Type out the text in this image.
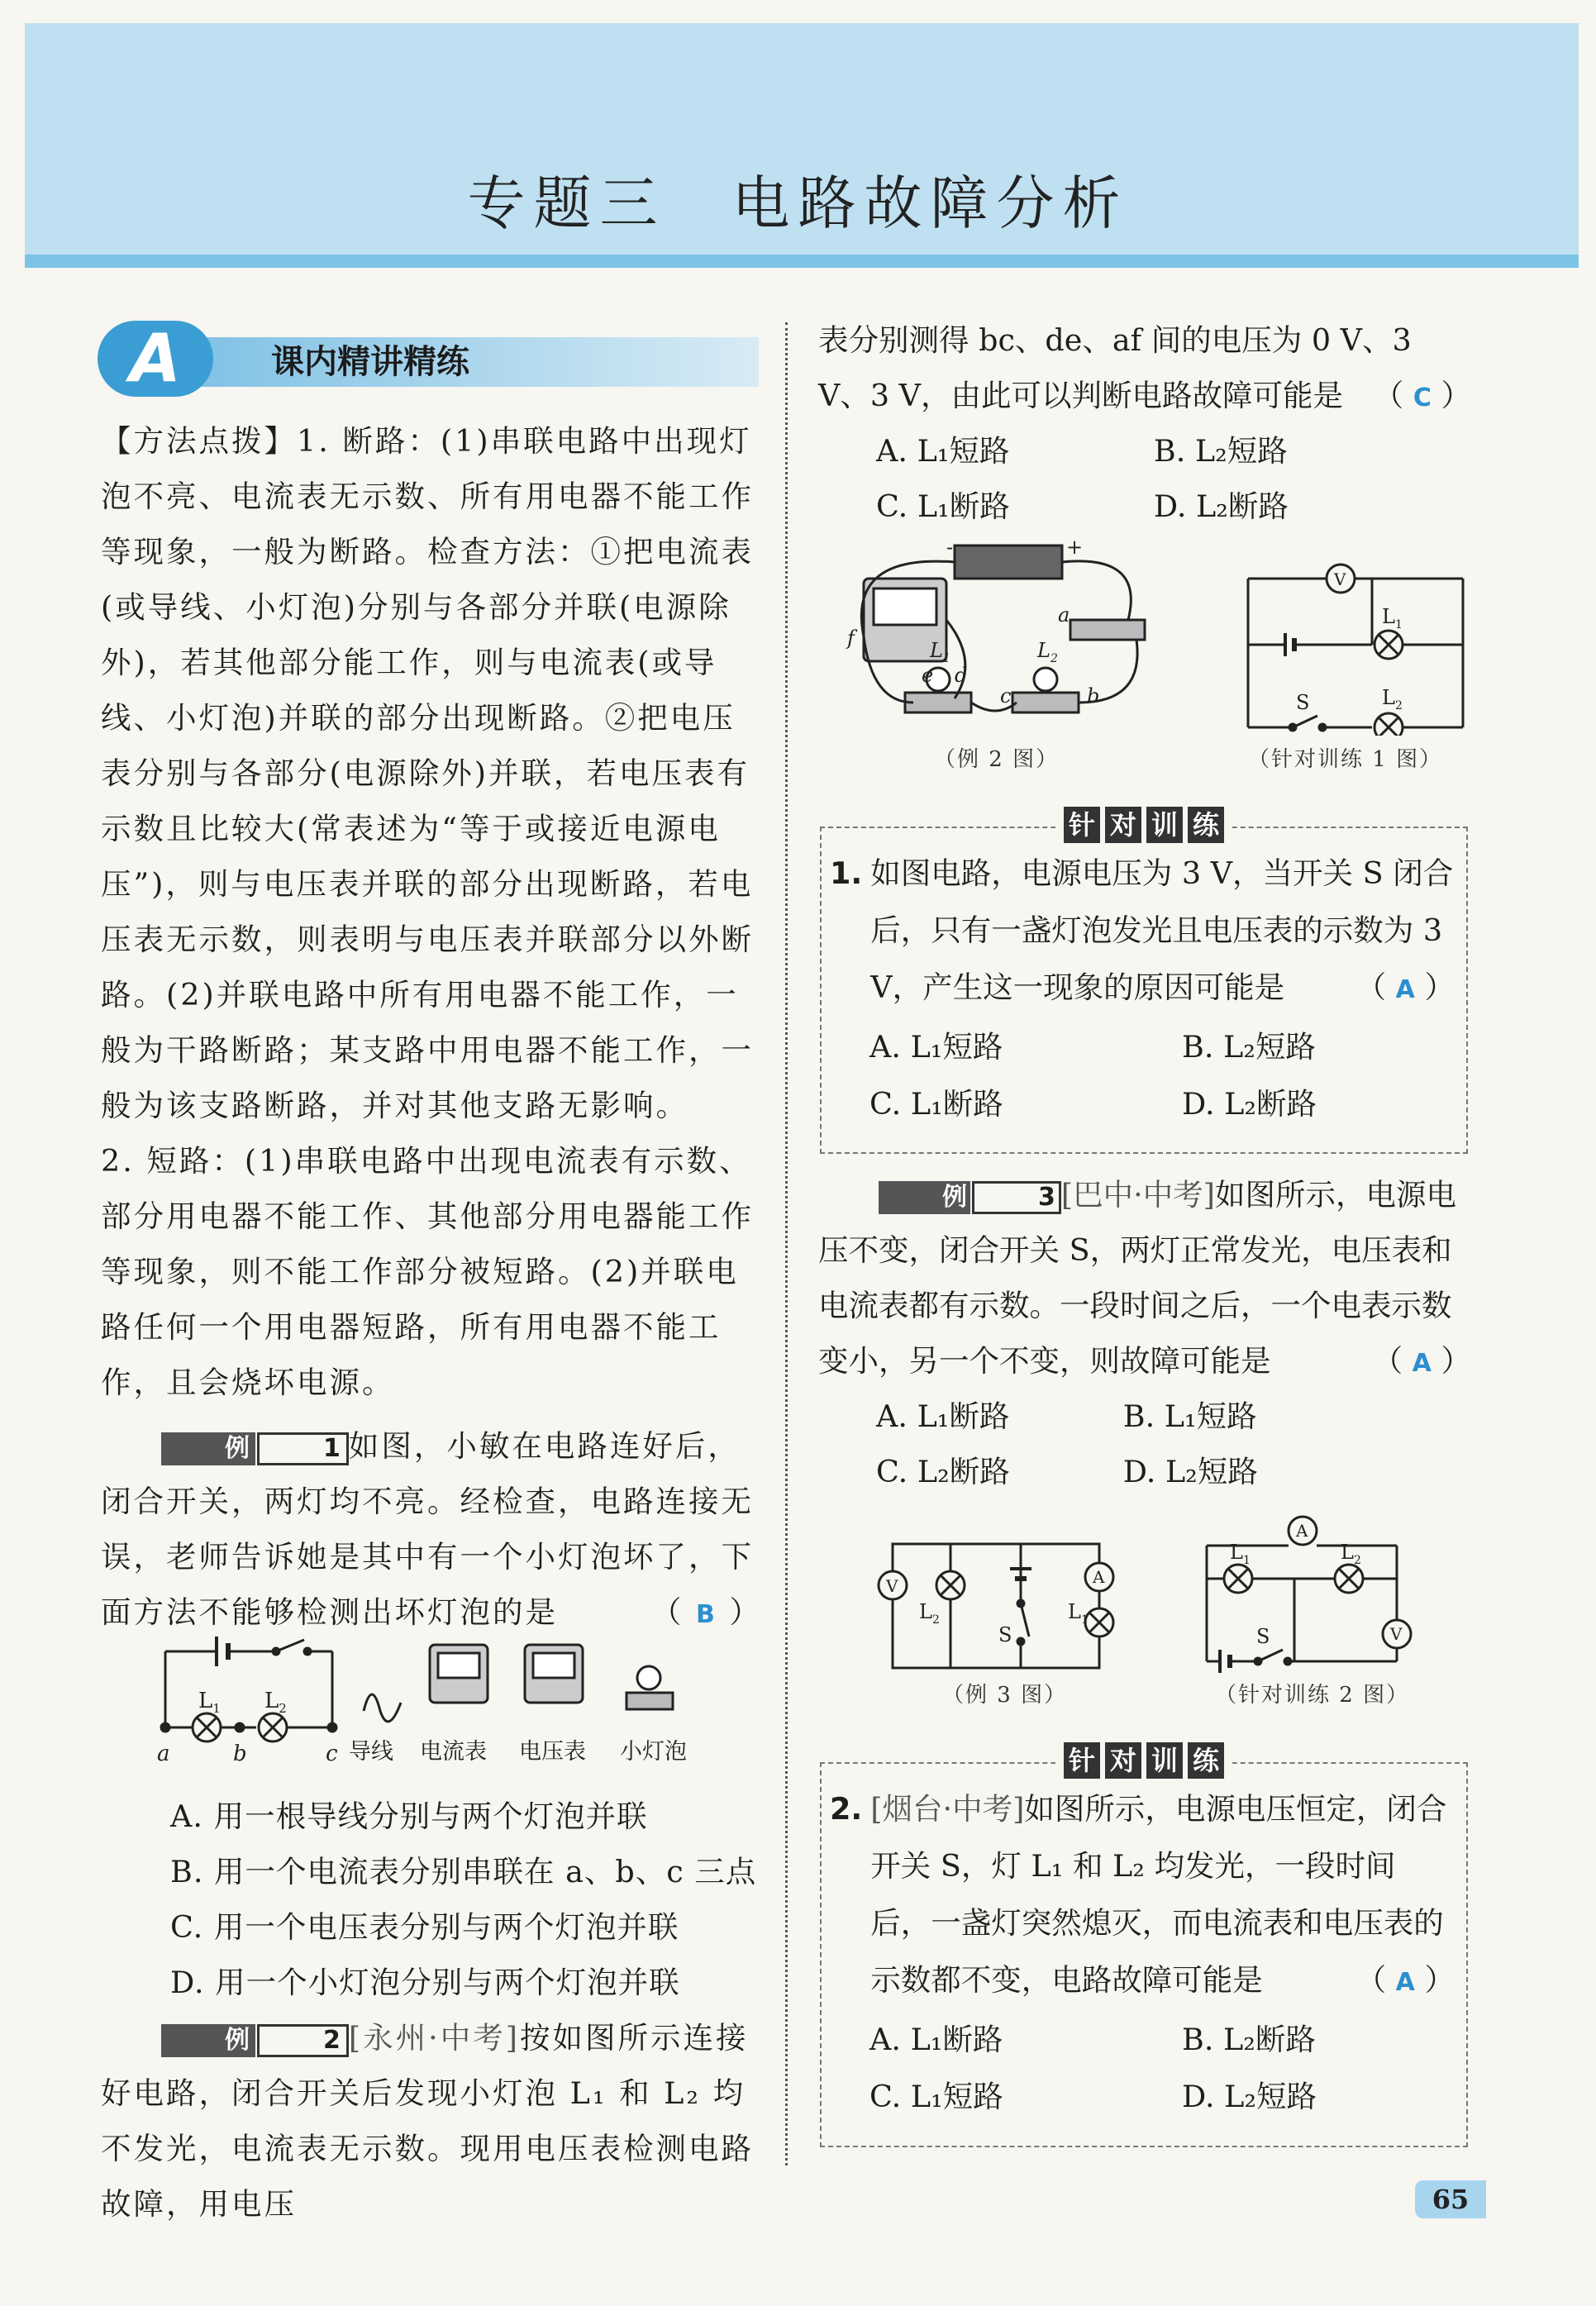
专题三　电路故障分析
A	课内精讲精练

【方法点拨】1. 断路：(1)串联电路中出现灯泡不亮、电流表无示数、所有用电器不能工作等现象，一般为断路。检查方法：①把电流表(或导线、小灯泡)分别与各部分并联(电源除外)，若其他部分能工作，则与电流表(或导线、小灯泡)并联的部分出现断路。②把电压表分别与各部分(电源除外)并联，若电压表有示数且比较大(常表述为“等于或接近电源电压”)，则与电压表并联的部分出现断路，若电压表无示数，则表明与电压表并联部分以外断路。(2)并联电路中所有用电器不能工作，一般为干路断路；某支路中用电器不能工作，一般为该支路断路，并对其他支路无影响。

2. 短路：(1)串联电路中出现电流表有示数、部分用电器不能工作、其他部分用电器能工作等现象，则不能工作部分被短路。(2)并联电路任何一个用电器短路，所有用电器不能工作，且会烧坏电源。

例	1 如图，小敏在电路连好后，闭合开关，两灯均不亮。经检查，电路连接无误，老师告诉她是其中有一个小灯泡坏了，下面方法不能够检测出坏灯泡的是	（ B ）

A. 用一根导线分别与两个灯泡并联
B. 用一个电流表分别串联在 a、b、c 三点
C. 用一个电压表分别与两个灯泡并联
D. 用一个小灯泡分别与两个灯泡并联

例	2 [永州·中考]按如图所示连接好电路，闭合开关后发现小灯泡 L₁ 和 L₂ 均不发光，电流表无示数。现用电压表检测电路故障，用电压

$L_1$ $L_2$
a	b	c 导线 电流表 电压表 小灯泡

表分别测得 bc、de、af 间的电压为 0 V、3 V、3 V，由此可以判断电路故障可能是 （ C ）

A. L₁短路	B. L₂短路
C. L₁断路	D. L₂断路
-	+
a
b
c
d
e
f
$L_1$	$L_2$
（例 2 图）
V
$L_1$
$L_2$
S
（针对训练 1 图）
针 对 训 练
1. 如图电路，电源电压为 3 V，当开关 S 闭合后，只有一盏灯泡发光且电压表的示数为 3 V，产生这一现象的原因可能是 （ A ）
A. L₁短路	B. L₂短路
C. L₁断路	D. L₂断路

例	3 [巴中·中考]如图所示，电源电压不变，闭合开关 S，两灯正常发光，电压表和电流表都有示数。一段时间之后，一个电表示数变小，另一个不变，则故障可能是	（ A ）

A. L₁断路	B. L₁短路
C. L₂断路	D. L₂短路
V	A
$L_2$	$L_1$
S
（例 3 图）
A
V
$L_1$	$L_2$
S
（针对训练 2 图）
针 对 训 练
2. [烟台·中考]如图所示，电源电压恒定，闭合开关 S，灯 L₁ 和 L₂ 均发光，一段时间后，一盏灯突然熄灭，而电流表和电压表的示数都不变，电路故障可能是	（ A ）
A. L₁断路	B. L₂断路
C. L₁短路	D. L₂短路
65
